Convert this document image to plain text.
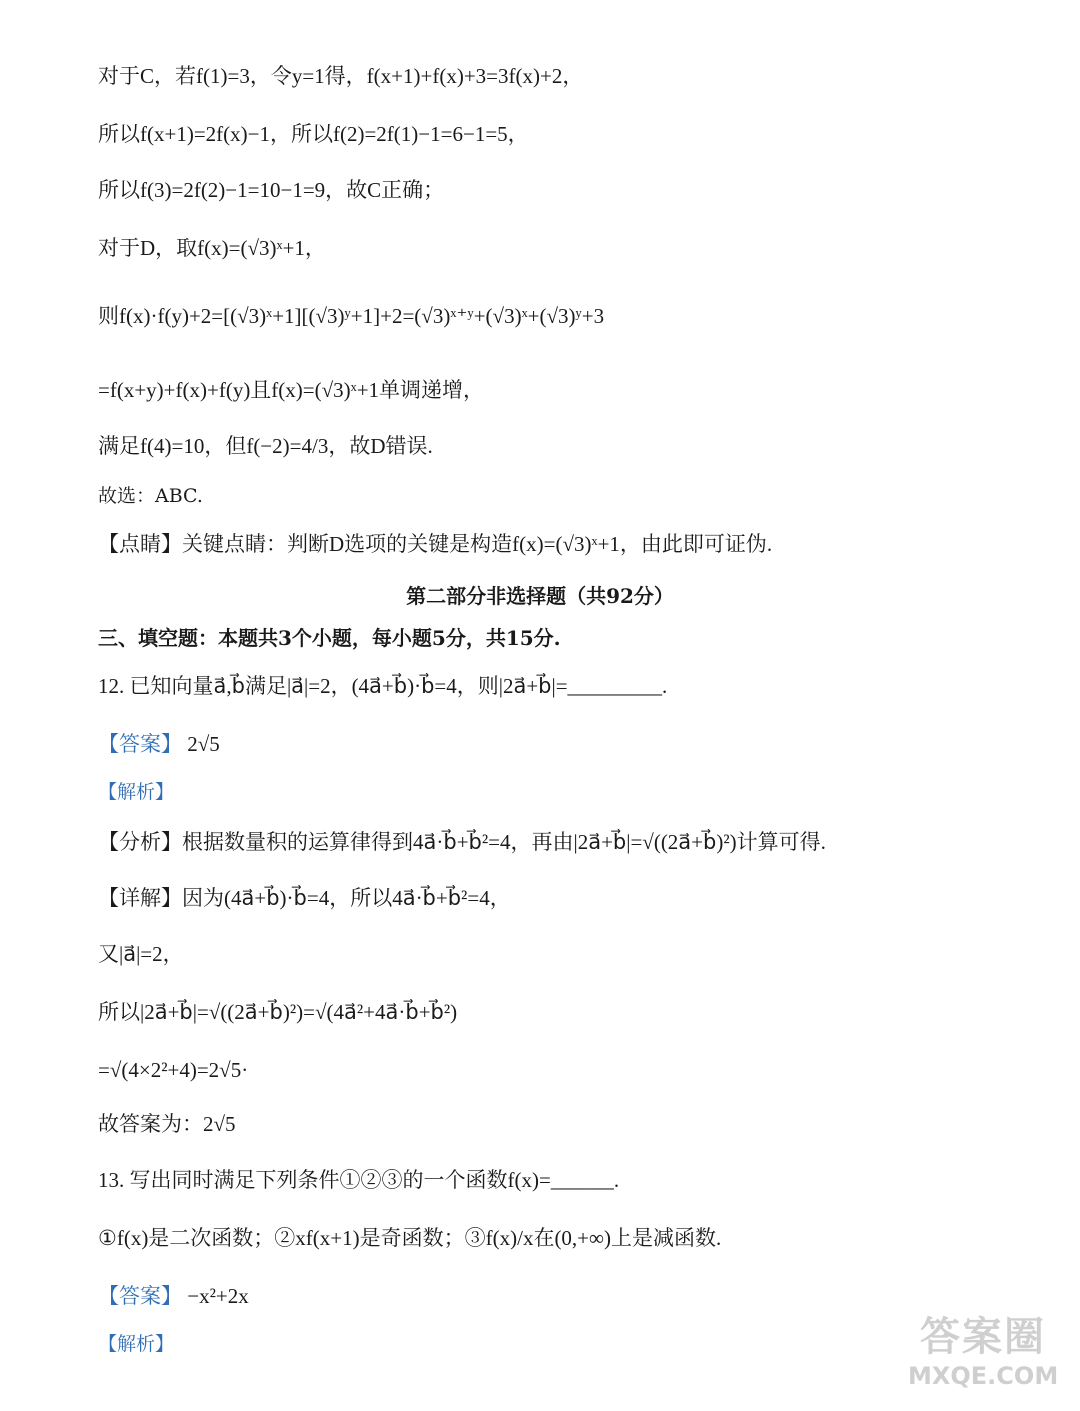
对于C，若f(1)=3，令y=1得，f(x+1)+f(x)+3=3f(x)+2，
所以f(x+1)=2f(x)−1，所以f(2)=2f(1)−1=6−1=5，
所以f(3)=2f(2)−1=10−1=9，故C正确；
对于D，取f(x)=(√3)ˣ+1，
则f(x)·f(y)+2=[(√3)ˣ+1][(√3)ʸ+1]+2=(√3)ˣ⁺ʸ+(√3)ˣ+(√3)ʸ+3
=f(x+y)+f(x)+f(y)且f(x)=(√3)ˣ+1单调递增，
满足f(4)=10，但f(−2)=4/3，故D错误.
故选：ABC.
【点睛】关键点睛：判断D选项的关键是构造f(x)=(√3)ˣ+1，由此即可证伪.
第二部分非选择题（共92分）
三、填空题：本题共3个小题，每小题5分，共15分.
12. 已知向量a⃗,b⃗满足|a⃗|=2，(4a⃗+b⃗)·b⃗=4，则|2a⃗+b⃗|=_________.
【答案】 2√5
【解析】
【分析】根据数量积的运算律得到4a⃗·b⃗+b⃗²=4，再由|2a⃗+b⃗|=√((2a⃗+b⃗)²)计算可得.
【详解】因为(4a⃗+b⃗)·b⃗=4，所以4a⃗·b⃗+b⃗²=4，
又|a⃗|=2，
所以|2a⃗+b⃗|=√((2a⃗+b⃗)²)=√(4a⃗²+4a⃗·b⃗+b⃗²)
=√(4×2²+4)=2√5·
故答案为：2√5
13. 写出同时满足下列条件①②③的一个函数f(x)=______.
①f(x)是二次函数；②xf(x+1)是奇函数；③f(x)/x在(0,+∞)上是减函数.
【答案】 −x²+2x
【解析】	答案圈
MXQE.COM
